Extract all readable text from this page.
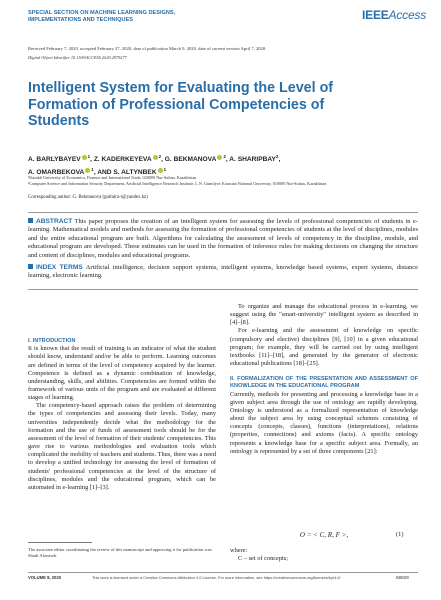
SPECIAL SECTION ON MACHINE LEARNING DESIGNS, IMPLEMENTATIONS AND TECHNIQUES	IEEEAccess
Received February 7, 2020, accepted February 27, 2020, date of publication March 9, 2020, date of current version April 7, 2020.
Digital Object Identifier 10.1109/ACCESS.2020.2979277
Intelligent System for Evaluating the Level of Formation of Professional Competencies of Students
A. BARLYBAYEV $^1$, Z. KADERKEYEVA $^2$, G. BEKMANOVA $^2$, A. SHARIPBAY$^2$,
A. OMARBEKOVA $^1$, AND S. ALTYNBEK $^1$
¹Kazakh University of Economics, Finance and International Trade, 020000 Nur-Sultan, Kazakhstan
²Computer Science and Information Security Department, Artificial Intelligence Research Institute, L.N. Gumilyov Eurasian National University, 010000 Nur-Sultan, Kazakhstan
Corresponding author: G. Bekmanova (gulmira-r@yandex.kz)
ABSTRACT This paper proposes the creation of an intelligent system for assessing the levels of professional competencies of students in e-learning. Mathematical models and methods for assessing the formation of professional competencies of students at the level of disciplines, modules and the entire educational program are built. Algorithms for calculating the assessment of levels of competency in the discipline, module, and educational program are developed. These estimates can be used in the formation of inference rules for making decisions on changing the structure and content of disciplines, modules and educational programs.
INDEX TERMS Artificial intelligence, decision support systems, intelligent systems, knowledge based systems, expert systems, distance learning, electronic learning.
I. INTRODUCTION

It is known that the result of training is an indicator of what the student should know, understand and/or be able to perform. Learning outcomes are defined in terms of the level of competency acquired by the learner. Competence is defined as a dynamic combination of knowledge, understanding, skills, and abilities. Competencies are formed within the framework of various units of the program and are evaluated at different stages of learning.

The competency-based approach raises the problem of determining the types of competencies and assessing their levels. Today, many universities independently decide what the methodology for the formation and the use of funds of assessment tools should be for the assessment of the level of formation of their students' competencies. This gave rise to various methodologies and evaluation tools which complicated the mobility of teachers and students. Thus, there was a need to develop a unified technology for assessing the level of formation of students' professional competencies at the level of the structure of disciplines, modules and the educational program, which can be automated in e-learning [1]–[3].

The associate editor coordinating the review of this manuscript and approving it for publication was Shadi Alawneh.

To organize and manage the educational process in e-learning, we suggest using the "smart-university" intelligent system as described in [4]–[8].

For e-learning and the assessment of knowledge on specific (compulsory and elective) disciplines [9], [10] in a given educational program; for example, they will be carried out by using intelligent textbooks [11]–[18], and generated by the generator of electronic educational publications [18]–[25].

II. FORMALIZATION OF THE PRESENTATION AND ASSESSMENT OF KNOWLEDGE IN THE EDUCATIONAL PROGRAM

Currently, methods for presenting and processing a knowledge base in a given subject area through the use of ontology are rapidly developing. Ontology is understood as a formalized representation of knowledge about the subject area by using conceptual schemes consisting of concepts (concepts, classes), functions (interpretations), relations (properties, connections) and axioms (facts). A specific ontology represents a knowledge base for a specific subject area. Formally, an ontology is represented by a set of three components [21]:

O = < C, R, F >,	(1)
where:
C – set of concepts;
VOLUME 8, 2020	This work is licensed under a Creative Commons Attribution 4.0 License. For more information, see https://creativecommons.org/licenses/by/4.0/	58829
